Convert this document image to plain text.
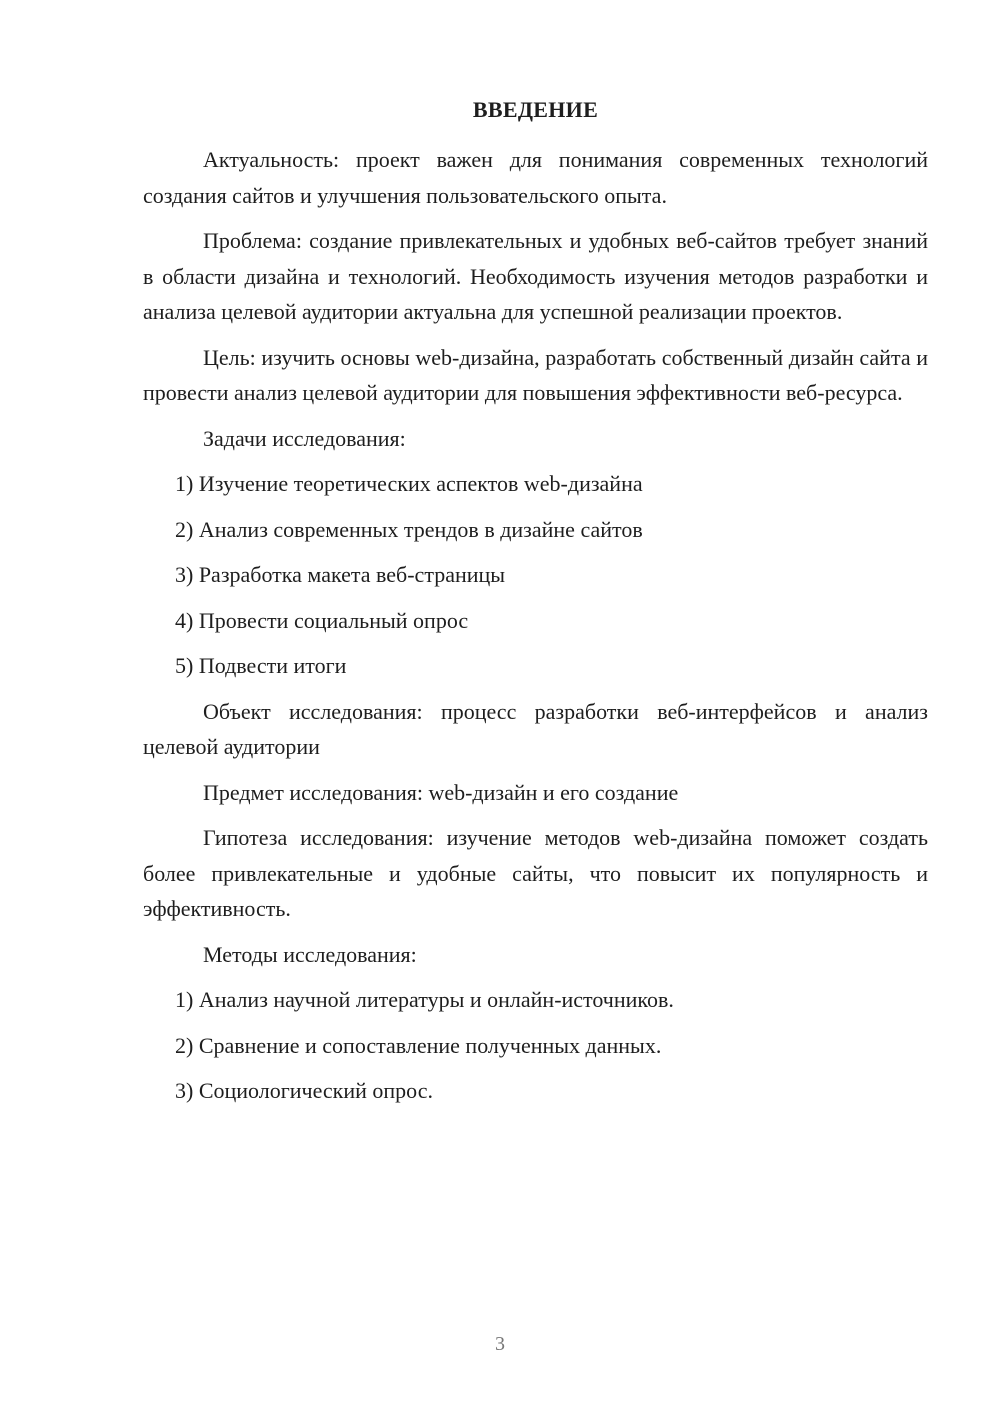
ВВЕДЕНИЕ

Актуальность: проект важен для понимания современных технологий создания сайтов и улучшения пользовательского опыта.

Проблема: создание привлекательных и удобных веб-сайтов требует знаний в области дизайна и технологий. Необходимость изучения методов разработки и анализа целевой аудитории актуальна для успешной реализации проектов.

Цель: изучить основы web-дизайна, разработать собственный дизайн сайта и провести анализ целевой аудитории для повышения эффективности веб-ресурса.

Задачи исследования:

1) Изучение теоретических аспектов web-дизайна
2) Анализ современных трендов в дизайне сайтов
3) Разработка макета веб-страницы
4) Провести социальный опрос
5) Подвести итоги

Объект исследования: процесс разработки веб-интерфейсов и анализ целевой аудитории

Предмет исследования: web-дизайн и его создание

Гипотеза исследования: изучение методов web-дизайна поможет создать более привлекательные и удобные сайты, что повысит их популярность и эффективность.

Методы исследования:

1) Анализ научной литературы и онлайн-источников.
2) Сравнение и сопоставление полученных данных.
3) Социологический опрос.
3
